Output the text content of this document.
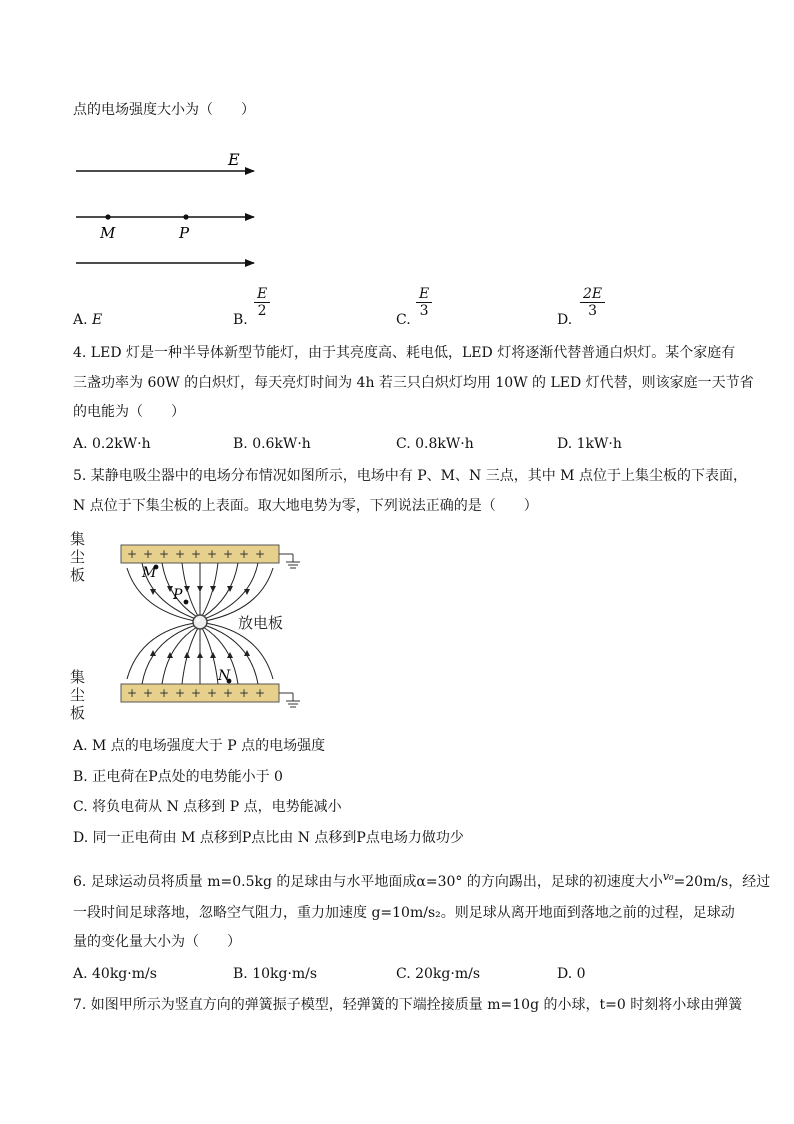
点的电场强度大小为（　　）
E
M	P
A. E	B.
$\frac{E}{2}$
C.
$\frac{E}{3}$
D.
$\frac{2E}{3}$
4. LED 灯是一种半导体新型节能灯，由于其亮度高、耗电低，LED 灯将逐渐代替普通白炽灯。某个家庭有
三盏功率为 60W 的白炽灯，每天亮灯时间为 4h 若三只白炽灯均用 10W 的 LED 灯代替，则该家庭一天节省
的电能为（　　）
A. 0.2kW·h	B. 0.6kW·h	C. 0.8kW·h	D. 1kW·h
5. 某静电吸尘器中的电场分布情况如图所示，电场中有 P、M、N 三点，其中 M 点位于上集尘板的下表面，
N 点位于下集尘板的上表面。取大地电势为零，下列说法正确的是（　　）
集
尘
板
集
尘
板
+ + + + + + + + +
+ + + + + + + + +
放电板
M
P
N
A. M 点的电场强度大于 P 点的电场强度
B. 正电荷在P点处的电势能小于 0
C. 将负电荷从 N 点移到 P 点，电势能减小
D. 同一正电荷由 M 点移到P点比由 N 点移到P点电场力做功少
6. 足球运动员将质量 m=0.5kg 的足球由与水平地面成α=30° 的方向踢出，足球的初速度大小$^{v_0}$=20m/s，经过
一段时间足球落地，忽略空气阻力，重力加速度 g=10m/s₂。则足球从离开地面到落地之前的过程，足球动
量的变化量大小为（　　）
A. 40kg·m/s	B. 10kg·m/s	C. 20kg·m/s	D. 0
7. 如图甲所示为竖直方向的弹簧振子模型，轻弹簧的下端拴接质量 m=10g 的小球，t=0 时刻将小球由弹簧
